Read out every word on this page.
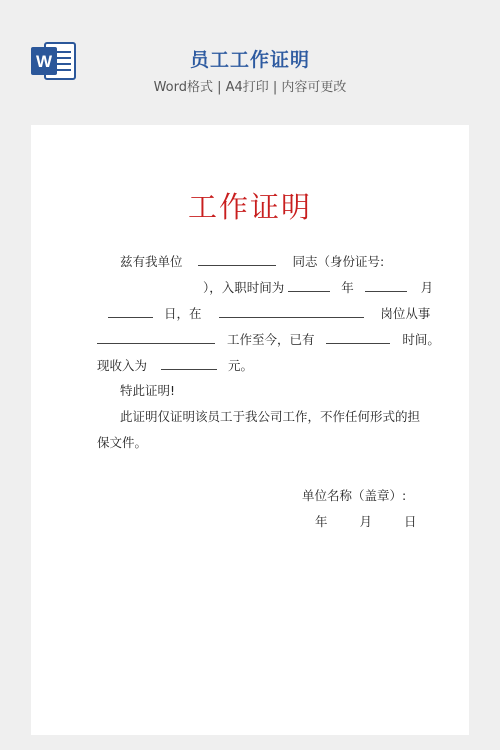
W	员工工作证明
Word格式 | A4打印 | 内容可更改
工作证明
兹有我单位	同志（身份证号:
），入职时间为	年	月
日，在	岗位从事
工作至今，已有	时间。
现收入为	元。
特此证明!
此证明仅证明该员工于我公司工作，不作任何形式的担
保文件。
单位名称（盖章）:
年	月	日
